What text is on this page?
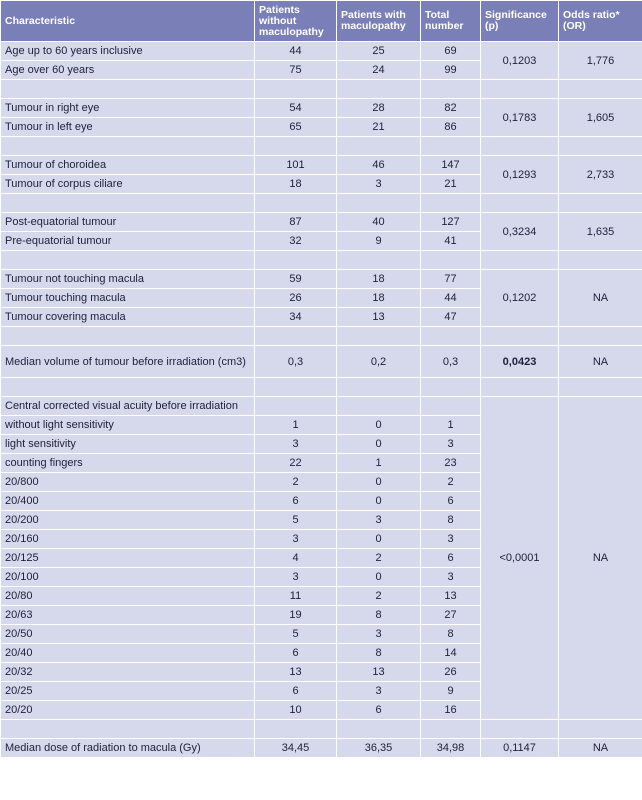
Characteristic	Patients without maculopathy	Patients with maculopathy	Total number	Significance (p)	Odds ratio* (OR)
Age up to 60 years inclusive	44	25	69	0,1203	1,776
Age over 60 years	75	24	99		

Tumour in right eye	54	28	82	0,1783	1,605
Tumour in left eye	65	21	86		

Tumour of choroidea	101	46	147	0,1293	2,733
Tumour of corpus ciliare	18	3	21		

Post-equatorial tumour	87	40	127	0,3234	1,635
Pre-equatorial tumour	32	9	41		

Tumour not touching macula	59	18	77	0,1202	NA
Tumour touching macula	26	18	44		
Tumour covering macula	34	13	47		

Median volume of tumour before irradiation (cm3)	0,3	0,2	0,3	0,0423	NA

Central corrected visual acuity before irradiation				<0,0001	NA
without light sensitivity	1	0	1		
light sensitivity	3	0	3		
counting fingers	22	1	23		
20/800	2	0	2		
20/400	6	0	6		
20/200	5	3	8		
20/160	3	0	3		
20/125	4	2	6		
20/100	3	0	3		
20/80	11	2	13		
20/63	19	8	27		
20/50	5	3	8		
20/40	6	8	14		
20/32	13	13	26		
20/25	6	3	9		
20/20	10	6	16		

Median dose of radiation to macula (Gy)	34,45	36,35	34,98	0,1147	NA
